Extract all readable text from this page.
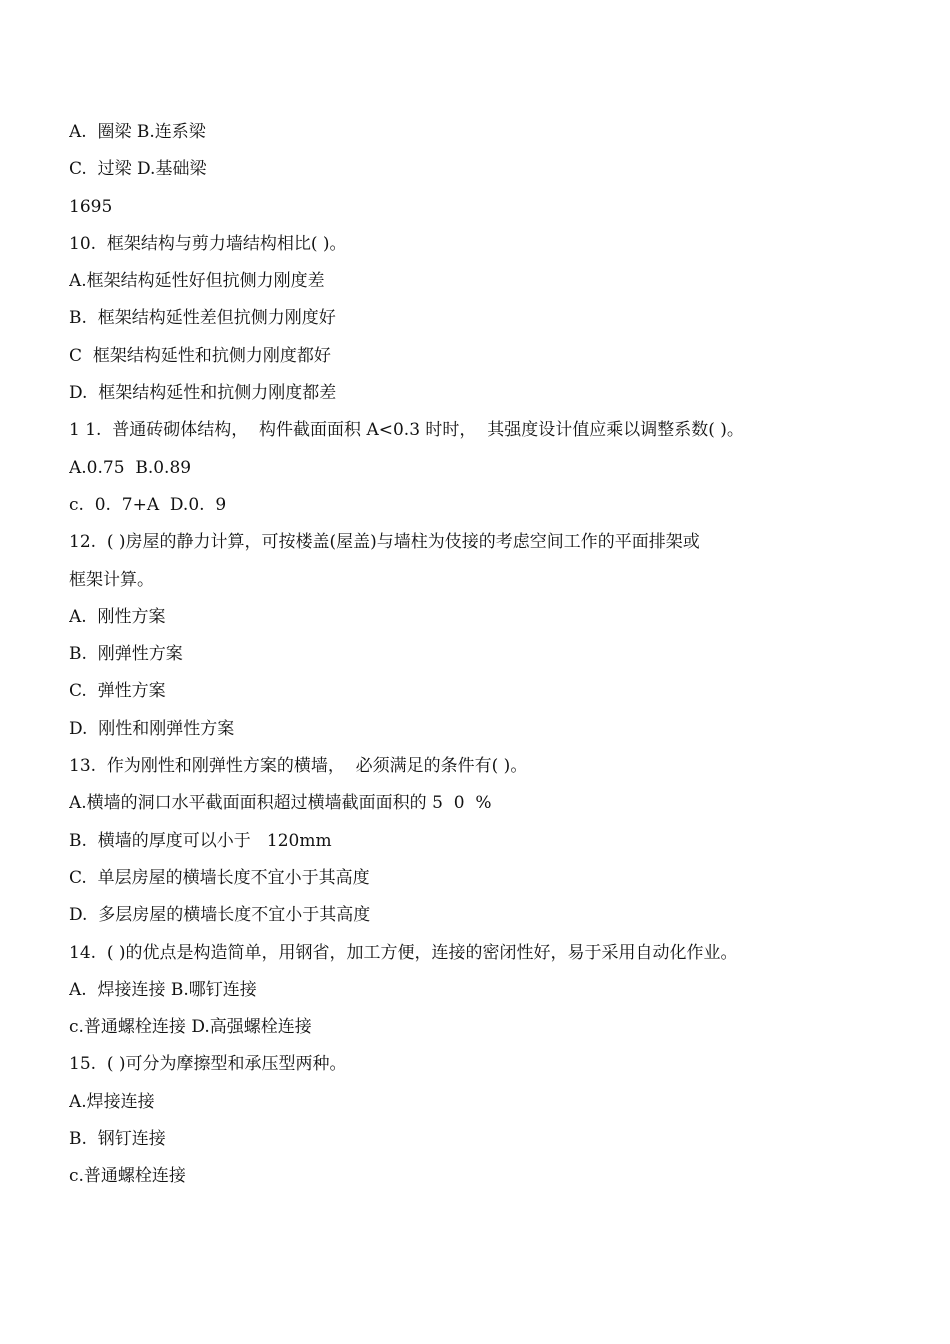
A.  圈梁 B.连系梁
C.  过梁 D.基础梁
1695
10.  框架结构与剪力墙结构相比( )。
A.框架结构延性好但抗侧力刚度差
B.  框架结构延性差但抗侧力刚度好
C  框架结构延性和抗侧力刚度都好
D.  框架结构延性和抗侧力刚度都差
1 1.  普通砖砌体结构，  构件截面面积 A<0.3 时时，  其强度设计值应乘以调整系数( )。
A.0.75  B.0.89
c.  0.  7+A  D.0.  9
12.  ( )房屋的静力计算，可按楼盖(屋盖)与墙柱为伎接的考虑空间工作的平面排架或
框架计算。
A.  刚性方案
B.  刚弹性方案
C.  弹性方案
D.  刚性和刚弹性方案
13.  作为刚性和刚弹性方案的横墙，  必须满足的条件有( )。
A.横墙的洞口水平截面面积超过横墙截面面积的 5  0  %
B.  横墙的厚度可以小于   120mm
C.  单层房屋的横墙长度不宜小于其高度
D.  多层房屋的横墙长度不宜小于其高度
14.  ( )的优点是构造简单，用钢省，加工方便，连接的密闭性好，易于采用自动化作业。
A.  焊接连接 B.哪钉连接
c.普通螺栓连接 D.高强螺栓连接
15.  ( )可分为摩擦型和承压型两种。
A.焊接连接
B.  钢钉连接
c.普通螺栓连接
